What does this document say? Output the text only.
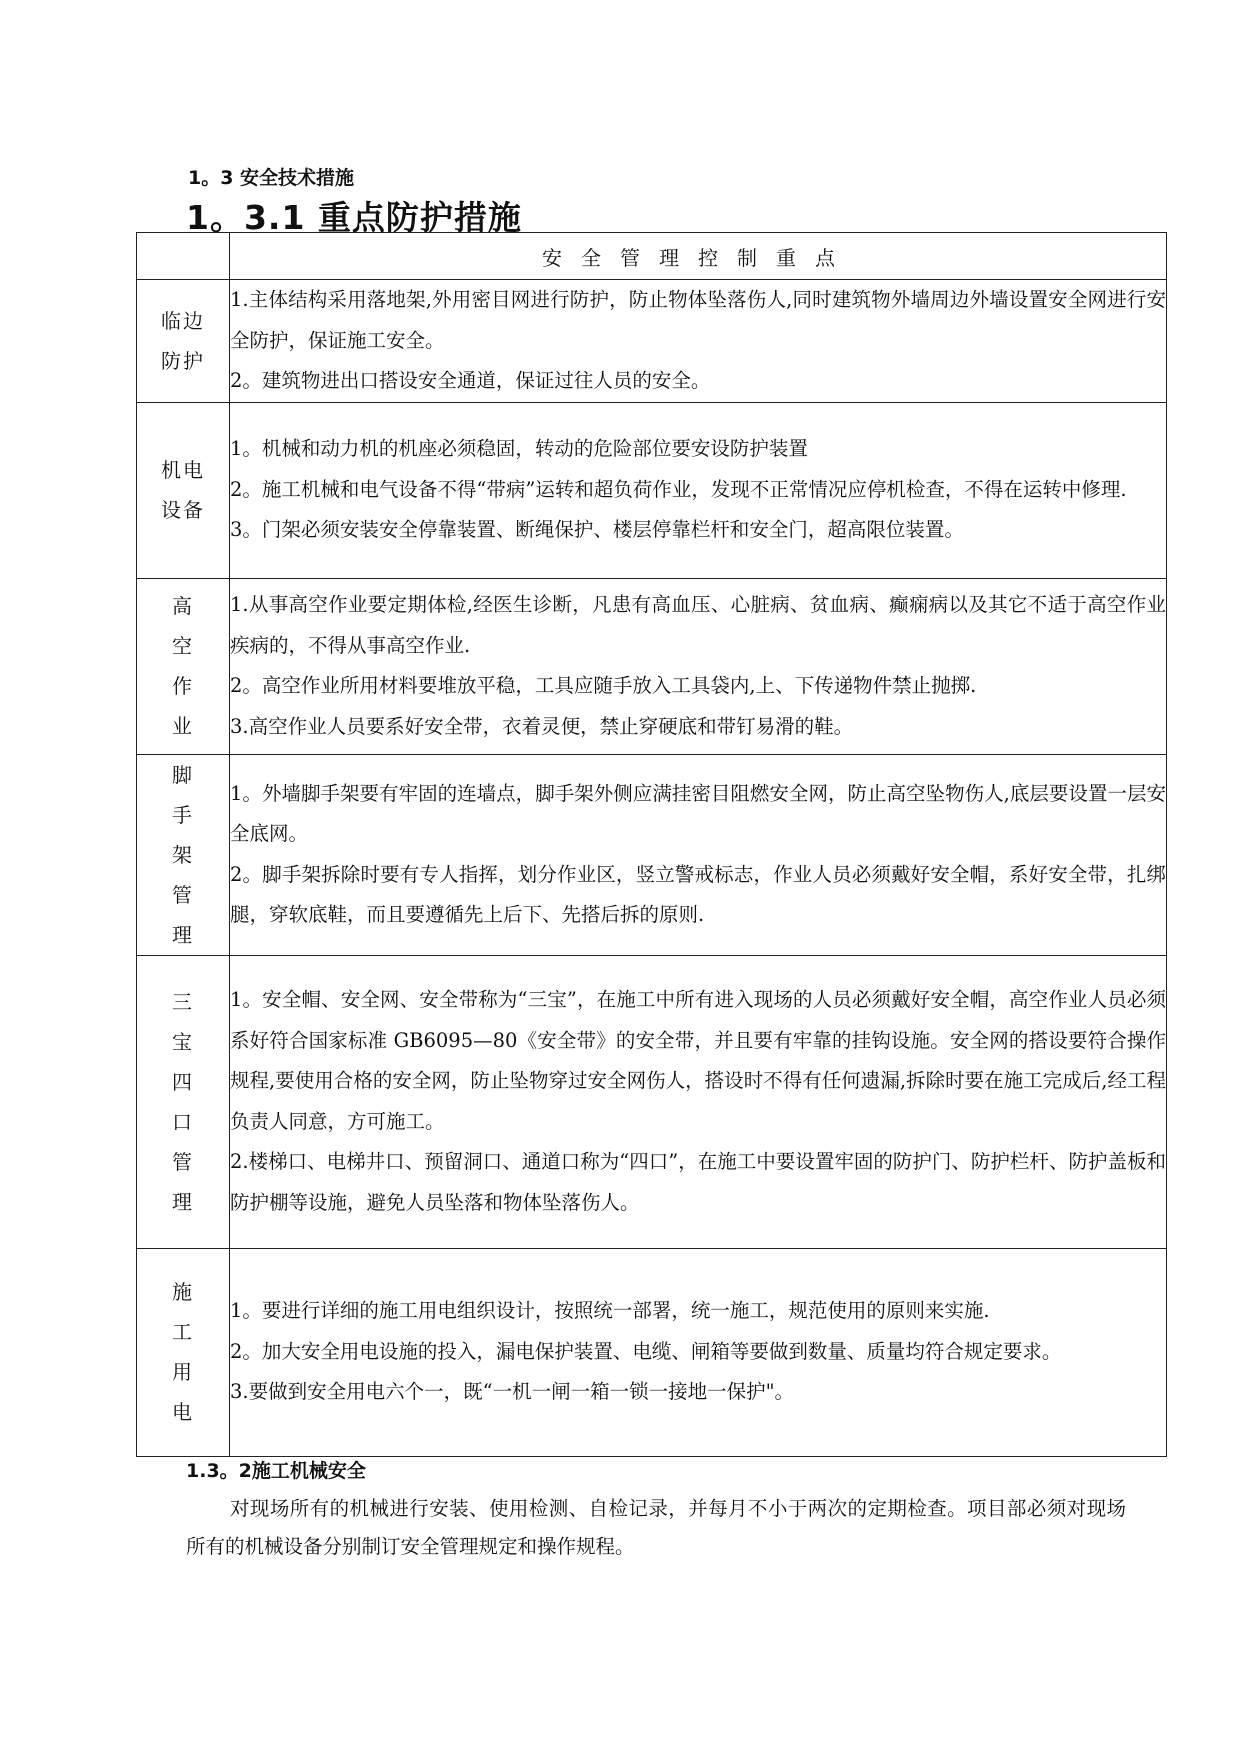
1。3 安全技术措施
1。3.1 重点防护措施
	安全管理控制重点
临边防护	1.主体结构采用落地架,外用密目网进行防护，防止物体坠落伤人,同时建筑物外墙周边外墙设置安全网进行安全防护，保证施工安全。

2。建筑物进出口搭设安全通道，保证过往人员的安全。

机电设备	1。机械和动力机的机座必须稳固，转动的危险部位要安设防护装置

2。施工机械和电气设备不得“带病”运转和超负荷作业，发现不正常情况应停机检查，不得在运转中修理.

3。门架必须安装安全停靠装置、断绳保护、楼层停靠栏杆和安全门，超高限位装置。

高空作业	1.从事高空作业要定期体检,经医生诊断，凡患有高血压、心脏病、贫血病、癫痫病以及其它不适于高空作业疾病的，不得从事高空作业.

2。高空作业所用材料要堆放平稳，工具应随手放入工具袋内,上、下传递物件禁止抛掷.

3.高空作业人员要系好安全带，衣着灵便，禁止穿硬底和带钉易滑的鞋。

脚手架管理	1。外墙脚手架要有牢固的连墙点，脚手架外侧应满挂密目阻燃安全网，防止高空坠物伤人,底层要设置一层安全底网。

2。脚手架拆除时要有专人指挥，划分作业区，竖立警戒标志，作业人员必须戴好安全帽，系好安全带，扎绑腿，穿软底鞋，而且要遵循先上后下、先搭后拆的原则.

三宝四口管理	1。安全帽、安全网、安全带称为“三宝”，在施工中所有进入现场的人员必须戴好安全帽，高空作业人员必须系好符合国家标准 GB6095—80《安全带》的安全带，并且要有牢靠的挂钩设施。安全网的搭设要符合操作规程,要使用合格的安全网，防止坠物穿过安全网伤人，搭设时不得有任何遗漏,拆除时要在施工完成后,经工程负责人同意，方可施工。

2.楼梯口、电梯井口、预留洞口、通道口称为“四口”，在施工中要设置牢固的防护门、防护栏杆、防护盖板和防护棚等设施，避免人员坠落和物体坠落伤人。

施工用电	1。要进行详细的施工用电组织设计，按照统一部署，统一施工，规范使用的原则来实施.

2。加大安全用电设施的投入，漏电保护装置、电缆、闸箱等要做到数量、质量均符合规定要求。

3.要做到安全用电六个一，既“一机一闸一箱一锁一接地一保护"。

1.3。2施工机械安全
对现场所有的机械进行安装、使用检测、自检记录，并每月不小于两次的定期检查。项目部必须对现场所有的机械设备分别制订安全管理规定和操作规程。
